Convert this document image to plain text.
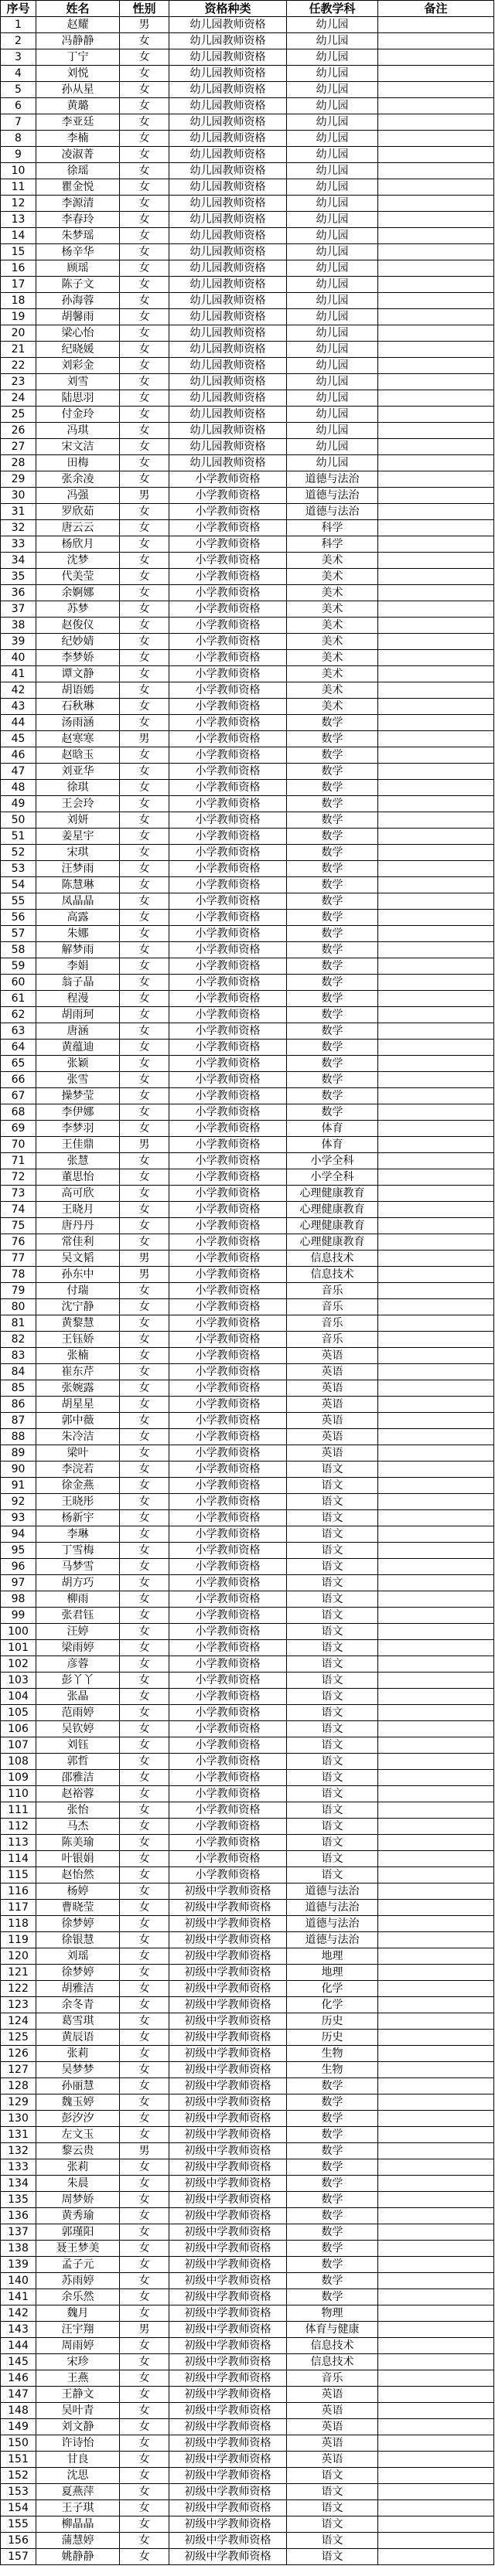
序号	姓名	性别	资格种类	任教学科	备注
1	赵耀	男	幼儿园教师资格	幼儿园	
2	冯静静	女	幼儿园教师资格	幼儿园	
3	丁宁	女	幼儿园教师资格	幼儿园	
4	刘悦	女	幼儿园教师资格	幼儿园	
5	孙从星	女	幼儿园教师资格	幼儿园	
6	黄璐	女	幼儿园教师资格	幼儿园	
7	李亚廷	女	幼儿园教师资格	幼儿园	
8	李楠	女	幼儿园教师资格	幼儿园	
9	凌淑菁	女	幼儿园教师资格	幼儿园	
10	徐瑶	女	幼儿园教师资格	幼儿园	
11	瞿金悦	女	幼儿园教师资格	幼儿园	
12	李源清	女	幼儿园教师资格	幼儿园	
13	李春玲	女	幼儿园教师资格	幼儿园	
14	朱梦瑶	女	幼儿园教师资格	幼儿园	
15	杨辛华	女	幼儿园教师资格	幼儿园	
16	顾瑶	女	幼儿园教师资格	幼儿园	
17	陈子文	女	幼儿园教师资格	幼儿园	
18	孙海蓉	女	幼儿园教师资格	幼儿园	
19	胡馨雨	女	幼儿园教师资格	幼儿园	
20	梁心怡	女	幼儿园教师资格	幼儿园	
21	纪晓媛	女	幼儿园教师资格	幼儿园	
22	刘彩金	女	幼儿园教师资格	幼儿园	
23	刘雪	女	幼儿园教师资格	幼儿园	
24	陆思羽	女	幼儿园教师资格	幼儿园	
25	付金玲	女	幼儿园教师资格	幼儿园	
26	冯琪	女	幼儿园教师资格	幼儿园	
27	宋文洁	女	幼儿园教师资格	幼儿园	
28	田梅	女	幼儿园教师资格	幼儿园	
29	张余凌	女	小学教师资格	道德与法治	
30	冯强	男	小学教师资格	道德与法治	
31	罗欣茹	女	小学教师资格	道德与法治	
32	唐云云	女	小学教师资格	科学	
33	杨欣月	女	小学教师资格	科学	
34	沈梦	女	小学教师资格	美术	
35	代美莹	女	小学教师资格	美术	
36	余婀娜	女	小学教师资格	美术	
37	苏梦	女	小学教师资格	美术	
38	赵俊仪	女	小学教师资格	美术	
39	纪妙婧	女	小学教师资格	美术	
40	李梦娇	女	小学教师资格	美术	
41	谭文静	女	小学教师资格	美术	
42	胡语嫣	女	小学教师资格	美术	
43	石秋琳	女	小学教师资格	美术	
44	汤雨涵	女	小学教师资格	数学	
45	赵寒寒	男	小学教师资格	数学	
46	赵晗玉	女	小学教师资格	数学	
47	刘亚华	女	小学教师资格	数学	
48	徐琪	女	小学教师资格	数学	
49	王会玲	女	小学教师资格	数学	
50	刘妍	女	小学教师资格	数学	
51	姜星宇	女	小学教师资格	数学	
52	宋琪	女	小学教师资格	数学	
53	汪梦雨	女	小学教师资格	数学	
54	陈慧琳	女	小学教师资格	数学	
55	凤晶晶	女	小学教师资格	数学	
56	高露	女	小学教师资格	数学	
57	朱娜	女	小学教师资格	数学	
58	解梦雨	女	小学教师资格	数学	
59	李娟	女	小学教师资格	数学	
60	翁子晶	女	小学教师资格	数学	
61	程漫	女	小学教师资格	数学	
62	胡雨珂	女	小学教师资格	数学	
63	唐涵	女	小学教师资格	数学	
64	黄蕴迪	女	小学教师资格	数学	
65	张颖	女	小学教师资格	数学	
66	张雪	女	小学教师资格	数学	
67	操梦莹	女	小学教师资格	数学	
68	李伊娜	女	小学教师资格	数学	
69	李梦羽	女	小学教师资格	体育	
70	王佳鼎	男	小学教师资格	体育	
71	张慧	女	小学教师资格	小学全科	
72	董思怡	女	小学教师资格	小学全科	
73	高可欣	女	小学教师资格	心理健康教育	
74	王晓月	女	小学教师资格	心理健康教育	
75	唐丹丹	女	小学教师资格	心理健康教育	
76	常佳利	女	小学教师资格	心理健康教育	
77	吴文韬	男	小学教师资格	信息技术	
78	孙东中	男	小学教师资格	信息技术	
79	付瑞	女	小学教师资格	音乐	
80	沈宁静	女	小学教师资格	音乐	
81	黄黎慧	女	小学教师资格	音乐	
82	王钰娇	女	小学教师资格	音乐	
83	张楠	女	小学教师资格	英语	
84	崔东芹	女	小学教师资格	英语	
85	张婉露	女	小学教师资格	英语	
86	胡星星	女	小学教师资格	英语	
87	郭中薇	女	小学教师资格	英语	
88	朱冷洁	女	小学教师资格	英语	
89	梁叶	女	小学教师资格	英语	
90	李浣若	女	小学教师资格	语文	
91	徐金燕	女	小学教师资格	语文	
92	王晓彤	女	小学教师资格	语文	
93	杨新宇	女	小学教师资格	语文	
94	李琳	女	小学教师资格	语文	
95	丁雪梅	女	小学教师资格	语文	
96	马梦雪	女	小学教师资格	语文	
97	胡方巧	女	小学教师资格	语文	
98	柳雨	女	小学教师资格	语文	
99	张君钰	女	小学教师资格	语文	
100	汪婷	女	小学教师资格	语文	
101	梁雨婷	女	小学教师资格	语文	
102	彦蓉	女	小学教师资格	语文	
103	彭丫丫	女	小学教师资格	语文	
104	张晶	女	小学教师资格	语文	
105	范雨婷	女	小学教师资格	语文	
106	吴钦婷	女	小学教师资格	语文	
107	刘钰	女	小学教师资格	语文	
108	郭哲	女	小学教师资格	语文	
109	邵雅洁	女	小学教师资格	语文	
110	赵裕蓉	女	小学教师资格	语文	
111	张怡	女	小学教师资格	语文	
112	马杰	女	小学教师资格	语文	
113	陈美瑜	女	小学教师资格	语文	
114	叶银娟	女	小学教师资格	语文	
115	赵怡然	女	小学教师资格	语文	
116	杨婷	女	初级中学教师资格	道德与法治	
117	曹晓莹	女	初级中学教师资格	道德与法治	
118	徐梦婷	女	初级中学教师资格	道德与法治	
119	徐银慧	女	初级中学教师资格	道德与法治	
120	刘瑶	女	初级中学教师资格	地理	
121	徐梦婷	女	初级中学教师资格	地理	
122	胡雅洁	女	初级中学教师资格	化学	
123	余冬青	女	初级中学教师资格	化学	
124	葛雪琪	女	初级中学教师资格	历史	
125	黄辰语	女	初级中学教师资格	历史	
126	张莉	女	初级中学教师资格	生物	
127	吴梦梦	女	初级中学教师资格	生物	
128	孙丽慧	女	初级中学教师资格	数学	
129	魏玉婷	女	初级中学教师资格	数学	
130	彭汐汐	女	初级中学教师资格	数学	
131	左文玉	女	初级中学教师资格	数学	
132	黎云贵	男	初级中学教师资格	数学	
133	张莉	女	初级中学教师资格	数学	
134	朱晨	女	初级中学教师资格	数学	
135	周梦娇	女	初级中学教师资格	数学	
136	黄秀瑜	女	初级中学教师资格	数学	
137	郭瑾阳	女	初级中学教师资格	数学	
138	聂王梦美	女	初级中学教师资格	数学	
139	孟子元	女	初级中学教师资格	数学	
140	苏雨婷	女	初级中学教师资格	数学	
141	余乐然	女	初级中学教师资格	数学	
142	魏月	女	初级中学教师资格	物理	
143	汪宇翔	男	初级中学教师资格	体育与健康	
144	周雨婷	女	初级中学教师资格	信息技术	
145	宋珍	女	初级中学教师资格	信息技术	
146	王燕	女	初级中学教师资格	音乐	
147	王静文	女	初级中学教师资格	英语	
148	吴叶青	女	初级中学教师资格	英语	
149	刘文静	女	初级中学教师资格	英语	
150	许诗怡	女	初级中学教师资格	英语	
151	甘良	女	初级中学教师资格	英语	
152	沈思	女	初级中学教师资格	语文	
153	夏燕萍	女	初级中学教师资格	语文	
154	王子琪	女	初级中学教师资格	语文	
155	柳晶晶	女	初级中学教师资格	语文	
156	蒲慧婷	女	初级中学教师资格	语文	
157	姚静静	女	初级中学教师资格	语文	
